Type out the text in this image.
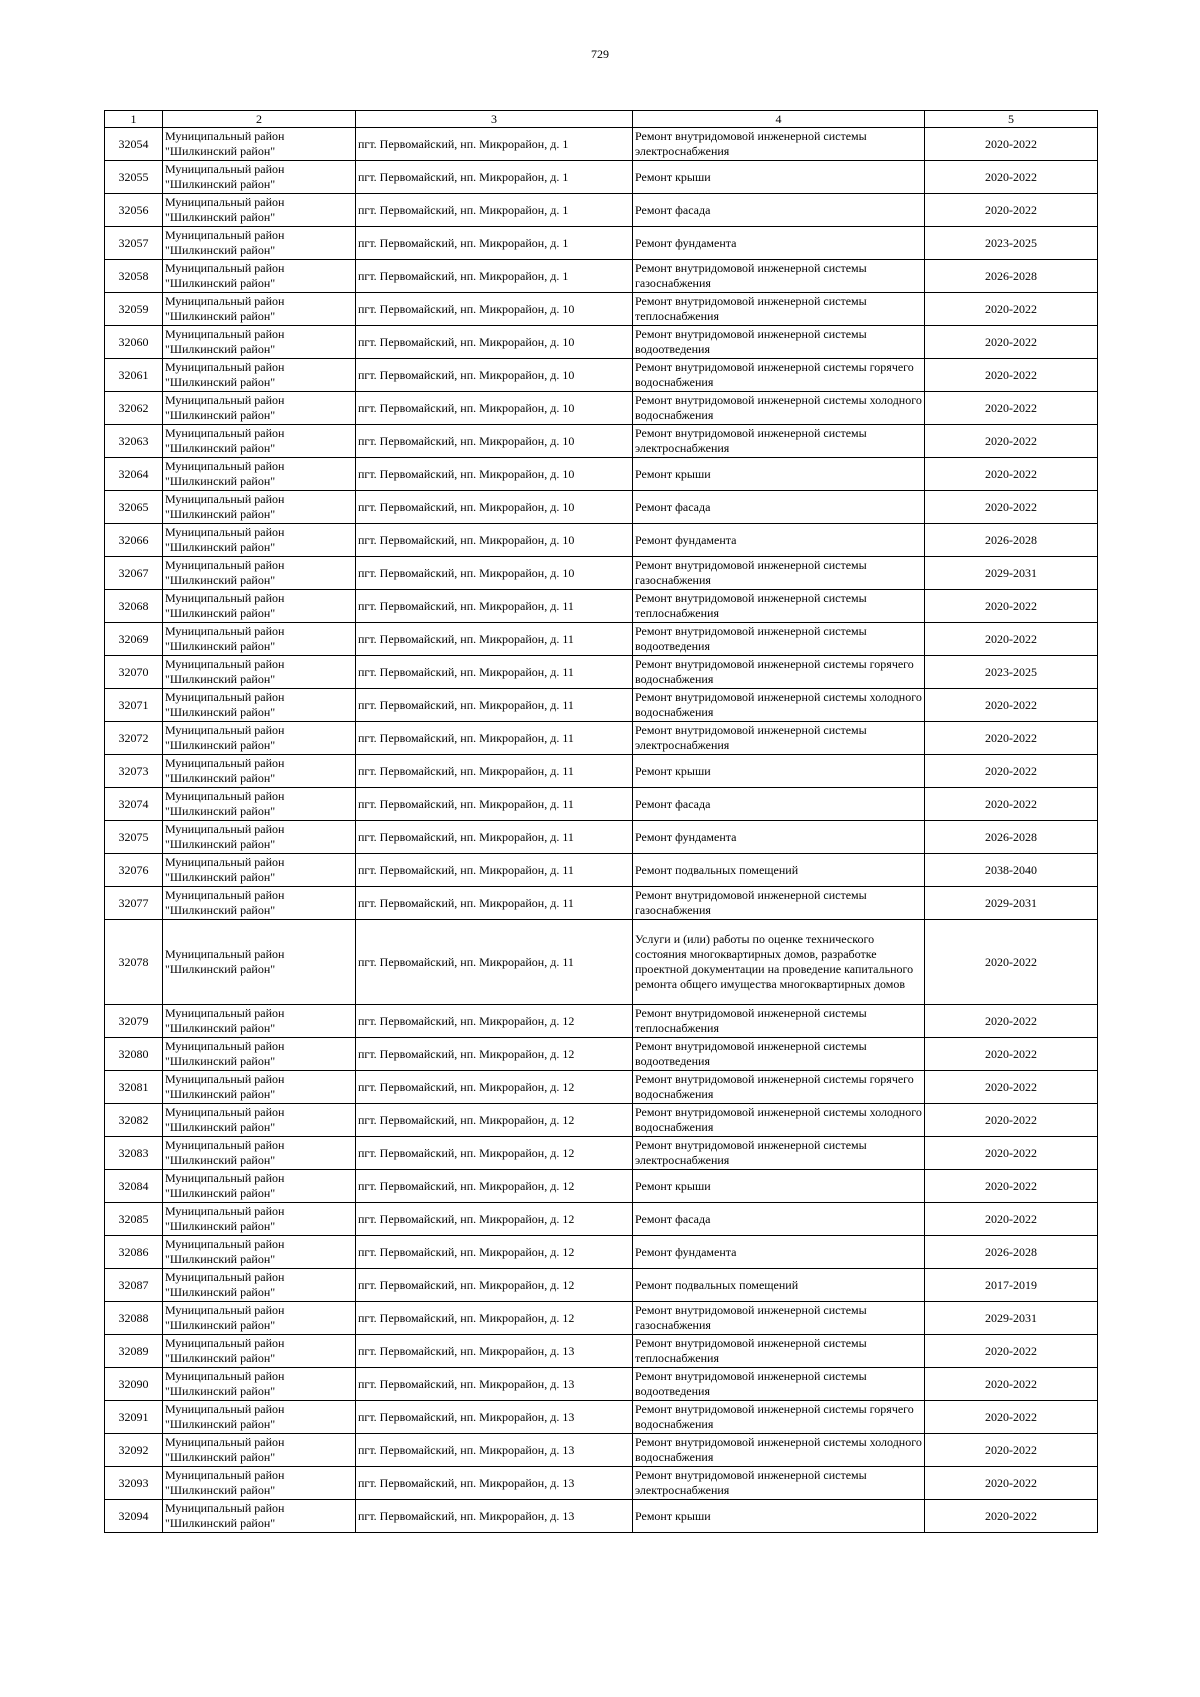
729
1	2	3	4	5
32054	Муниципальный район "Шилкинский район"	пгт. Первомайский, нп. Микрорайон, д. 1	Ремонт внутридомовой инженерной системы электроснабжения	2020-2022
32055	Муниципальный район "Шилкинский район"	пгт. Первомайский, нп. Микрорайон, д. 1	Ремонт крыши	2020-2022
32056	Муниципальный район "Шилкинский район"	пгт. Первомайский, нп. Микрорайон, д. 1	Ремонт фасада	2020-2022
32057	Муниципальный район "Шилкинский район"	пгт. Первомайский, нп. Микрорайон, д. 1	Ремонт фундамента	2023-2025
32058	Муниципальный район "Шилкинский район"	пгт. Первомайский, нп. Микрорайон, д. 1	Ремонт внутридомовой инженерной системы газоснабжения	2026-2028
32059	Муниципальный район "Шилкинский район"	пгт. Первомайский, нп. Микрорайон, д. 10	Ремонт внутридомовой инженерной системы теплоснабжения	2020-2022
32060	Муниципальный район "Шилкинский район"	пгт. Первомайский, нп. Микрорайон, д. 10	Ремонт внутридомовой инженерной системы водоотведения	2020-2022
32061	Муниципальный район "Шилкинский район"	пгт. Первомайский, нп. Микрорайон, д. 10	Ремонт внутридомовой инженерной системы горячего водоснабжения	2020-2022
32062	Муниципальный район "Шилкинский район"	пгт. Первомайский, нп. Микрорайон, д. 10	Ремонт внутридомовой инженерной системы холодного водоснабжения	2020-2022
32063	Муниципальный район "Шилкинский район"	пгт. Первомайский, нп. Микрорайон, д. 10	Ремонт внутридомовой инженерной системы электроснабжения	2020-2022
32064	Муниципальный район "Шилкинский район"	пгт. Первомайский, нп. Микрорайон, д. 10	Ремонт крыши	2020-2022
32065	Муниципальный район "Шилкинский район"	пгт. Первомайский, нп. Микрорайон, д. 10	Ремонт фасада	2020-2022
32066	Муниципальный район "Шилкинский район"	пгт. Первомайский, нп. Микрорайон, д. 10	Ремонт фундамента	2026-2028
32067	Муниципальный район "Шилкинский район"	пгт. Первомайский, нп. Микрорайон, д. 10	Ремонт внутридомовой инженерной системы газоснабжения	2029-2031
32068	Муниципальный район "Шилкинский район"	пгт. Первомайский, нп. Микрорайон, д. 11	Ремонт внутридомовой инженерной системы теплоснабжения	2020-2022
32069	Муниципальный район "Шилкинский район"	пгт. Первомайский, нп. Микрорайон, д. 11	Ремонт внутридомовой инженерной системы водоотведения	2020-2022
32070	Муниципальный район "Шилкинский район"	пгт. Первомайский, нп. Микрорайон, д. 11	Ремонт внутридомовой инженерной системы горячего водоснабжения	2023-2025
32071	Муниципальный район "Шилкинский район"	пгт. Первомайский, нп. Микрорайон, д. 11	Ремонт внутридомовой инженерной системы холодного водоснабжения	2020-2022
32072	Муниципальный район "Шилкинский район"	пгт. Первомайский, нп. Микрорайон, д. 11	Ремонт внутридомовой инженерной системы электроснабжения	2020-2022
32073	Муниципальный район "Шилкинский район"	пгт. Первомайский, нп. Микрорайон, д. 11	Ремонт крыши	2020-2022
32074	Муниципальный район "Шилкинский район"	пгт. Первомайский, нп. Микрорайон, д. 11	Ремонт фасада	2020-2022
32075	Муниципальный район "Шилкинский район"	пгт. Первомайский, нп. Микрорайон, д. 11	Ремонт фундамента	2026-2028
32076	Муниципальный район "Шилкинский район"	пгт. Первомайский, нп. Микрорайон, д. 11	Ремонт подвальных помещений	2038-2040
32077	Муниципальный район "Шилкинский район"	пгт. Первомайский, нп. Микрорайон, д. 11	Ремонт внутридомовой инженерной системы газоснабжения	2029-2031
32078	Муниципальный район "Шилкинский район"	пгт. Первомайский, нп. Микрорайон, д. 11	Услуги и (или) работы по оценке технического состояния многоквартирных домов, разработке проектной документации на проведение капитального ремонта общего имущества многоквартирных домов	2020-2022
32079	Муниципальный район "Шилкинский район"	пгт. Первомайский, нп. Микрорайон, д. 12	Ремонт внутридомовой инженерной системы теплоснабжения	2020-2022
32080	Муниципальный район "Шилкинский район"	пгт. Первомайский, нп. Микрорайон, д. 12	Ремонт внутридомовой инженерной системы водоотведения	2020-2022
32081	Муниципальный район "Шилкинский район"	пгт. Первомайский, нп. Микрорайон, д. 12	Ремонт внутридомовой инженерной системы горячего водоснабжения	2020-2022
32082	Муниципальный район "Шилкинский район"	пгт. Первомайский, нп. Микрорайон, д. 12	Ремонт внутридомовой инженерной системы холодного водоснабжения	2020-2022
32083	Муниципальный район "Шилкинский район"	пгт. Первомайский, нп. Микрорайон, д. 12	Ремонт внутридомовой инженерной системы электроснабжения	2020-2022
32084	Муниципальный район "Шилкинский район"	пгт. Первомайский, нп. Микрорайон, д. 12	Ремонт крыши	2020-2022
32085	Муниципальный район "Шилкинский район"	пгт. Первомайский, нп. Микрорайон, д. 12	Ремонт фасада	2020-2022
32086	Муниципальный район "Шилкинский район"	пгт. Первомайский, нп. Микрорайон, д. 12	Ремонт фундамента	2026-2028
32087	Муниципальный район "Шилкинский район"	пгт. Первомайский, нп. Микрорайон, д. 12	Ремонт подвальных помещений	2017-2019
32088	Муниципальный район "Шилкинский район"	пгт. Первомайский, нп. Микрорайон, д. 12	Ремонт внутридомовой инженерной системы газоснабжения	2029-2031
32089	Муниципальный район "Шилкинский район"	пгт. Первомайский, нп. Микрорайон, д. 13	Ремонт внутридомовой инженерной системы теплоснабжения	2020-2022
32090	Муниципальный район "Шилкинский район"	пгт. Первомайский, нп. Микрорайон, д. 13	Ремонт внутридомовой инженерной системы водоотведения	2020-2022
32091	Муниципальный район "Шилкинский район"	пгт. Первомайский, нп. Микрорайон, д. 13	Ремонт внутридомовой инженерной системы горячего водоснабжения	2020-2022
32092	Муниципальный район "Шилкинский район"	пгт. Первомайский, нп. Микрорайон, д. 13	Ремонт внутридомовой инженерной системы холодного водоснабжения	2020-2022
32093	Муниципальный район "Шилкинский район"	пгт. Первомайский, нп. Микрорайон, д. 13	Ремонт внутридомовой инженерной системы электроснабжения	2020-2022
32094	Муниципальный район "Шилкинский район"	пгт. Первомайский, нп. Микрорайон, д. 13	Ремонт крыши	2020-2022
